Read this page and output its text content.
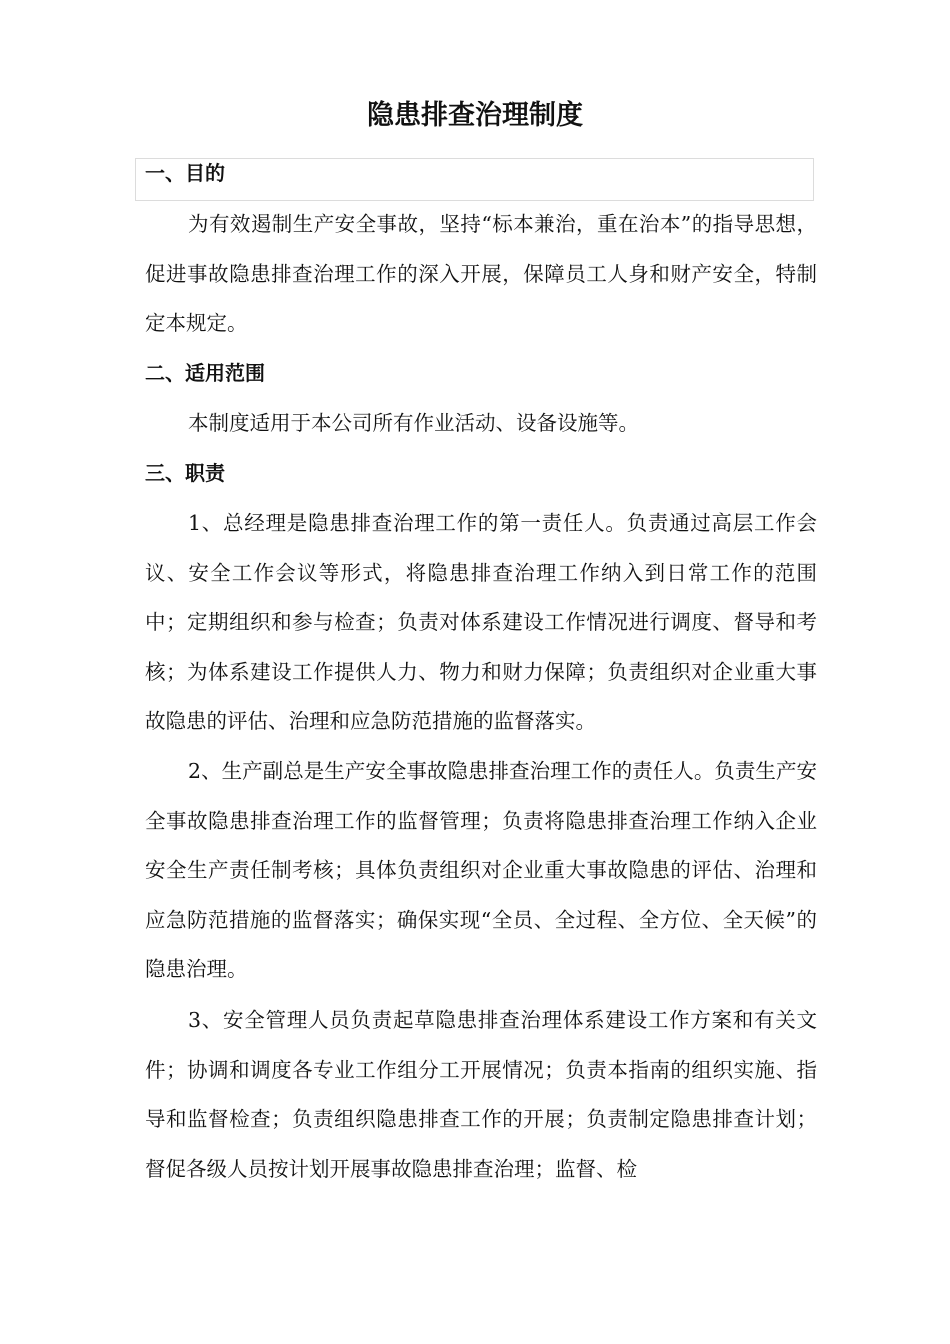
隐患排查治理制度
一、目的

为有效遏制生产安全事故，坚持“标本兼治，重在治本”的指导思想，促进事故隐患排查治理工作的深入开展，保障员工人身和财产安全，特制定本规定。

二、适用范围

本制度适用于本公司所有作业活动、设备设施等。

三、职责

1、总经理是隐患排查治理工作的第一责任人。负责通过高层工作会议、安全工作会议等形式，将隐患排查治理工作纳入到日常工作的范围中；定期组织和参与检查；负责对体系建设工作情况进行调度、督导和考核；为体系建设工作提供人力、物力和财力保障；负责组织对企业重大事故隐患的评估、治理和应急防范措施的监督落实。

2、生产副总是生产安全事故隐患排查治理工作的责任人。负责生产安全事故隐患排查治理工作的监督管理；负责将隐患排查治理工作纳入企业安全生产责任制考核；具体负责组织对企业重大事故隐患的评估、治理和应急防范措施的监督落实；确保实现“全员、全过程、全方位、全天候”的隐患治理。

3、安全管理人员负责起草隐患排查治理体系建设工作方案和有关文件；协调和调度各专业工作组分工开展情况；负责本指南的组织实施、指导和监督检查；负责组织隐患排查工作的开展；负责制定隐患排查计划；督促各级人员按计划开展事故隐患排查治理；监督、检
